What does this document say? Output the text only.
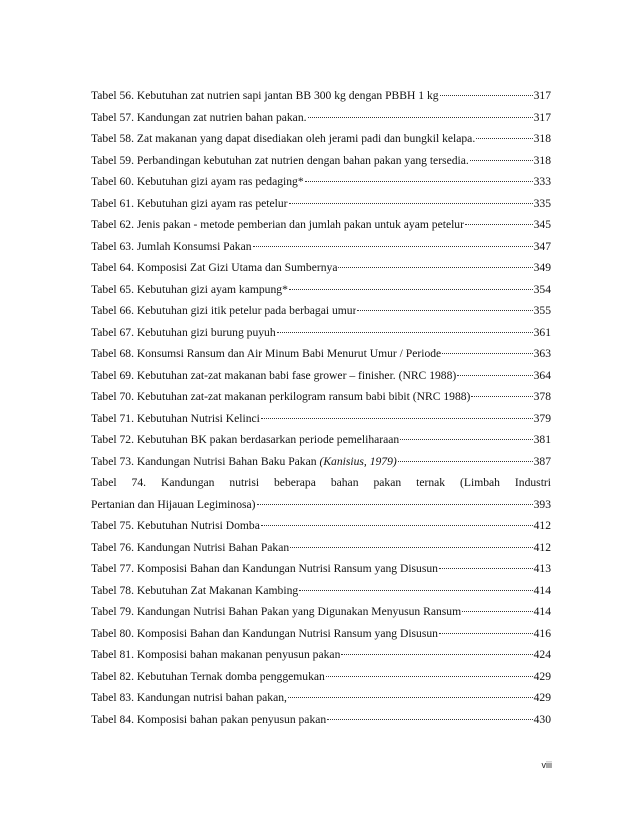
Tabel 56. Kebutuhan zat nutrien sapi jantan BB 300 kg dengan PBBH 1 kg	317
Tabel 57. Kandungan zat nutrien bahan pakan.	317
Tabel 58. Zat makanan yang dapat disediakan oleh jerami padi dan bungkil kelapa.	318
Tabel 59. Perbandingan kebutuhan zat nutrien dengan bahan pakan yang tersedia.	318
Tabel 60. Kebutuhan gizi ayam ras pedaging*	333
Tabel 61. Kebutuhan gizi ayam ras petelur	335
Tabel 62. Jenis pakan - metode pemberian dan jumlah pakan untuk ayam petelur	345
Tabel 63. Jumlah Konsumsi Pakan	347
Tabel 64. Komposisi Zat Gizi Utama dan Sumbernya	349
Tabel 65. Kebutuhan gizi ayam kampung*	354
Tabel 66. Kebutuhan gizi itik petelur pada berbagai umur	355
Tabel 67. Kebutuhan gizi burung puyuh	361
Tabel 68. Konsumsi Ransum dan Air Minum Babi Menurut Umur / Periode	363
Tabel 69. Kebutuhan zat-zat makanan babi fase grower – finisher. (NRC 1988)	364
Tabel 70. Kebutuhan zat-zat makanan perkilogram ransum babi bibit (NRC 1988)	378
Tabel 71. Kebutuhan Nutrisi Kelinci	379
Tabel 72. Kebutuhan BK pakan berdasarkan periode pemeliharaan	381
Tabel 73. Kandungan Nutrisi Bahan Baku Pakan (Kanisius, 1979)	387
Tabel 74. Kandungan nutrisi beberapa bahan pakan ternak (Limbah Industri
Pertanian dan Hijauan Legiminosa)	393
Tabel 75. Kebutuhan Nutrisi Domba	412
Tabel 76. Kandungan Nutrisi Bahan Pakan	412
Tabel 77. Komposisi Bahan dan Kandungan Nutrisi Ransum yang Disusun	413
Tabel 78. Kebutuhan Zat Makanan Kambing	414
Tabel 79. Kandungan Nutrisi Bahan Pakan yang Digunakan Menyusun Ransum	414
Tabel 80. Komposisi Bahan dan Kandungan Nutrisi Ransum yang Disusun	416
Tabel 81. Komposisi bahan makanan penyusun pakan	424
Tabel 82. Kebutuhan Ternak domba penggemukan	429
Tabel 83. Kandungan nutrisi bahan pakan,	429
Tabel 84. Komposisi bahan pakan penyusun pakan	430
viii
